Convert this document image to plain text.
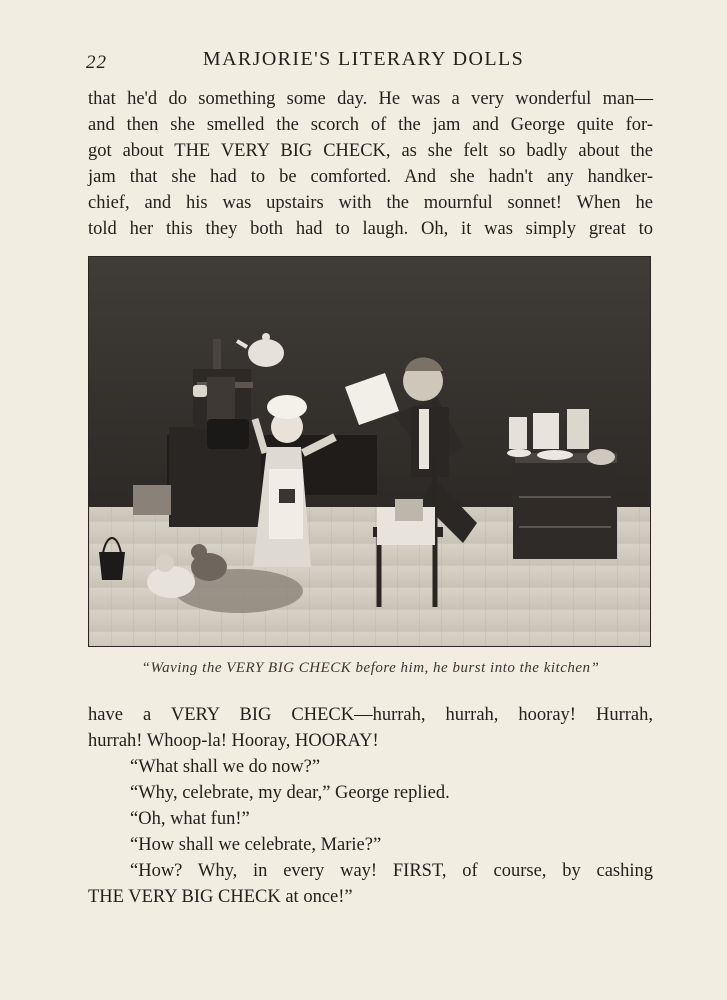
22	MARJORIE'S LITERARY DOLLS
that he'd do something some day. He was a very wonderful man—
and then she smelled the scorch of the jam and George quite for-
got about THE VERY BIG CHECK, as she felt so badly about the
jam that she had to be comforted. And she hadn't any handker-
chief, and his was upstairs with the mournful sonnet! When he
told her this they both had to laugh. Oh, it was simply great to
“Waving the VERY BIG CHECK before him, he burst into the kitchen”
have a VERY BIG CHECK—hurrah, hurrah, hooray! Hurrah,
hurrah! Whoop-la! Hooray, HOORAY!
“What shall we do now?”
“Why, celebrate, my dear,” George replied.
“Oh, what fun!”
“How shall we celebrate, Marie?”
“How? Why, in every way! FIRST, of course, by cashing
THE VERY BIG CHECK at once!”
